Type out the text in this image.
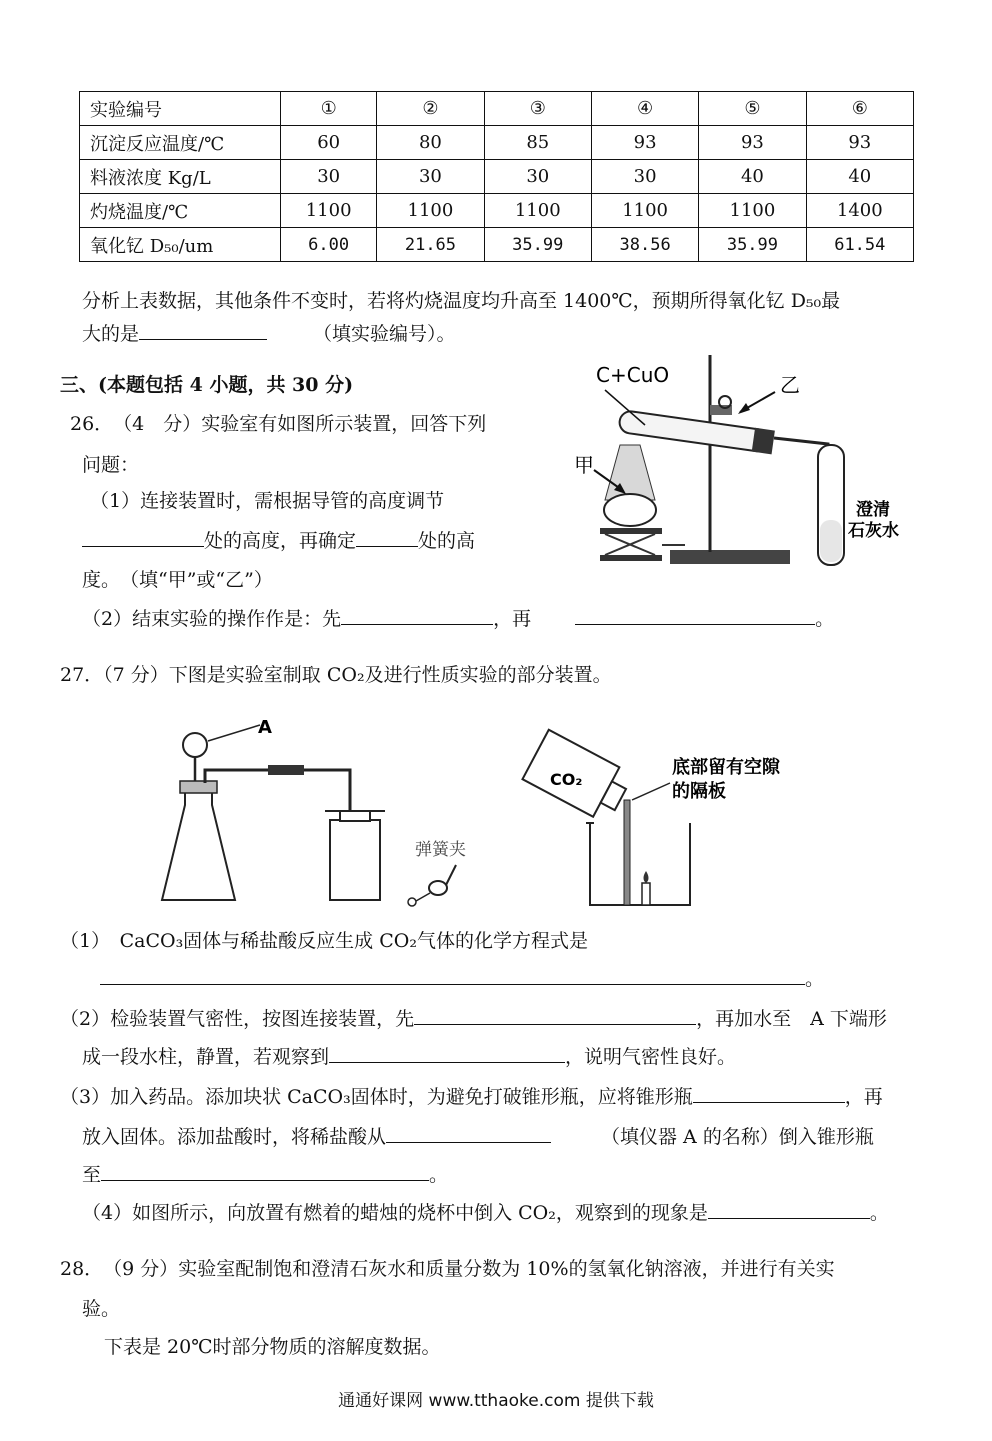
实验编号	①	②	③	④	⑤	⑥
沉淀反应温度/℃	60	80	85	93	93	93
料液浓度 Kg/L	30	30	30	30	40	40
灼烧温度/℃	1100	1100	1100	1100	1100	1400
氧化钇 D₅₀/um	6.00	21.65	35.99	38.56	35.99	61.54
分析上表数据，其他条件不变时，若将灼烧温度均升高至 1400℃，预期所得氧化钇 D₅₀最
大的是	（填实验编号）。
三、(本题包括 4 小题，共 30 分)
26．　（4　分）实验室有如图所示装置，回答下列
问题：
（1）连接装置时，需根据导管的高度调节
处的高度，再确定	处的高
度。　（填“甲”或“乙”）
（2）结束实验的操作作是：先	，再	。
C+CuO	乙
甲
澄清
石灰水
27．（7 分）下图是实验室制取 CO₂及进行性质实验的部分装置。
A
弹簧夹
CO₂
底部留有空隙
的隔板
（1）　CaCO₃固体与稀盐酸反应生成 CO₂气体的化学方程式是
。
（2）检验装置气密性，按图连接装置，先	，再加水至　A 下端形
成一段水柱，静置，若观察到	，说明气密性良好。
（3）加入药品。添加块状 CaCO₃固体时，为避免打破锥形瓶，应将锥形瓶	，再
放入固体。添加盐酸时，将稀盐酸从	（填仪器 A 的名称）倒入锥形瓶
至	。
（4）如图所示，向放置有燃着的蜡烛的烧杯中倒入 CO₂，观察到的现象是	。
28．　（9 分）实验室配制饱和澄清石灰水和质量分数为 10%的氢氧化钠溶液，并进行有关实
验。
下表是 20℃时部分物质的溶解度数据。
通通好课网 www.tthaoke.com 提供下载
